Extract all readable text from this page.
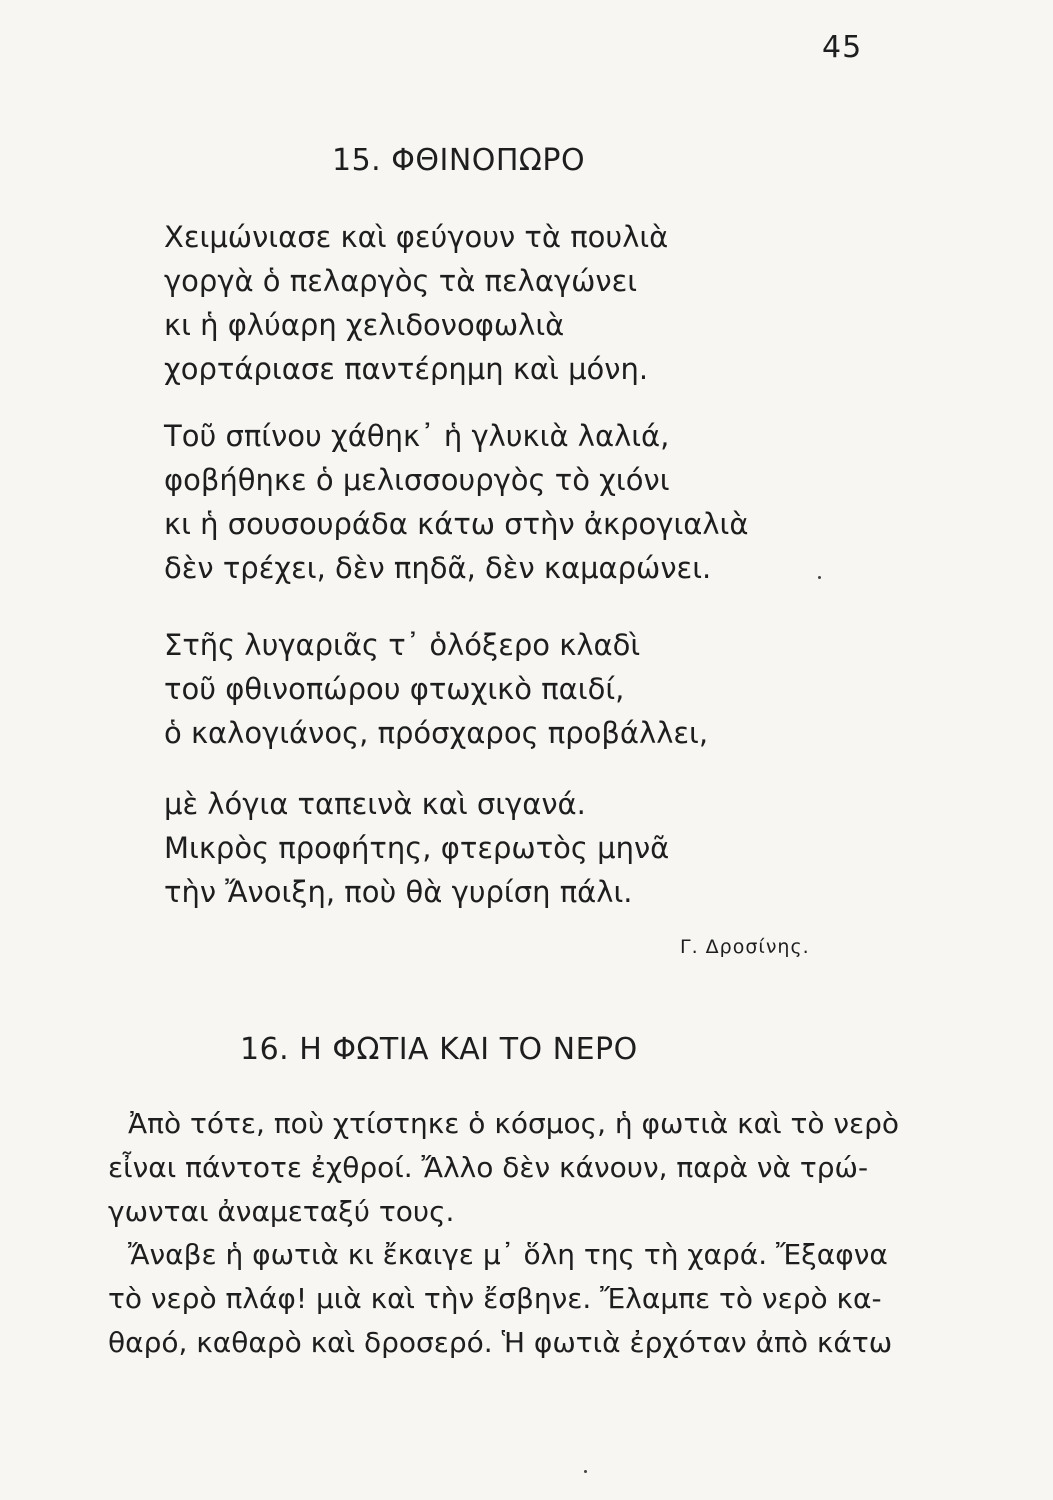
45
15. ΦΘΙΝΟΠΩΡΟ
Χειμώνιασε καὶ φεύγουν τὰ πουλιὰ
γοργὰ ὁ πελαργὸς τὰ πελαγώνει
κι ἡ φλύαρη χελιδονοφωλιὰ
χορτάριασε παντέρημη καὶ μόνη.
Τοῦ σπίνου χάθηκ᾿ ἡ γλυκιὰ λαλιά,
φοβήθηκε ὁ μελισσουργὸς τὸ χιόνι
κι ἡ σουσουράδα κάτω στὴν ἀκρογιαλιὰ
δὲν τρέχει, δὲν πηδᾶ, δὲν καμαρώνει.
Στῆς λυγαριᾶς τ᾿ ὁλόξερο κλαδὶ
τοῦ φθινοπώρου φτωχικὸ παιδί,
ὁ καλογιάνος, πρόσχαρος προβάλλει,
μὲ λόγια ταπεινὰ καὶ σιγανά.
Μικρὸς προφήτης, φτερωτὸς μηνᾶ
τὴν Ἄνοιξη, ποὺ θὰ γυρίση πάλι.
Γ. Δροσίνης.
16. Η ΦΩΤΙΑ ΚΑΙ ΤΟ ΝΕΡΟ
Ἀπὸ τότε, ποὺ χτίστηκε ὁ κόσμος, ἡ φωτιὰ καὶ τὸ νερὸ
εἶναι πάντοτε ἐχθροί. Ἄλλο δὲν κάνουν, παρὰ νὰ τρώ-
γωνται ἀναμεταξύ τους.
Ἄναβε ἡ φωτιὰ κι ἔκαιγε μ᾿ ὅλη της τὴ χαρά. Ἔξαφνα
τὸ νερὸ πλάφ! μιὰ καὶ τὴν ἔσβηνε. Ἔλαμπε τὸ νερὸ κα-
θαρό, καθαρὸ καὶ δροσερό. Ἡ φωτιὰ ἐρχόταν ἀπὸ κάτω
